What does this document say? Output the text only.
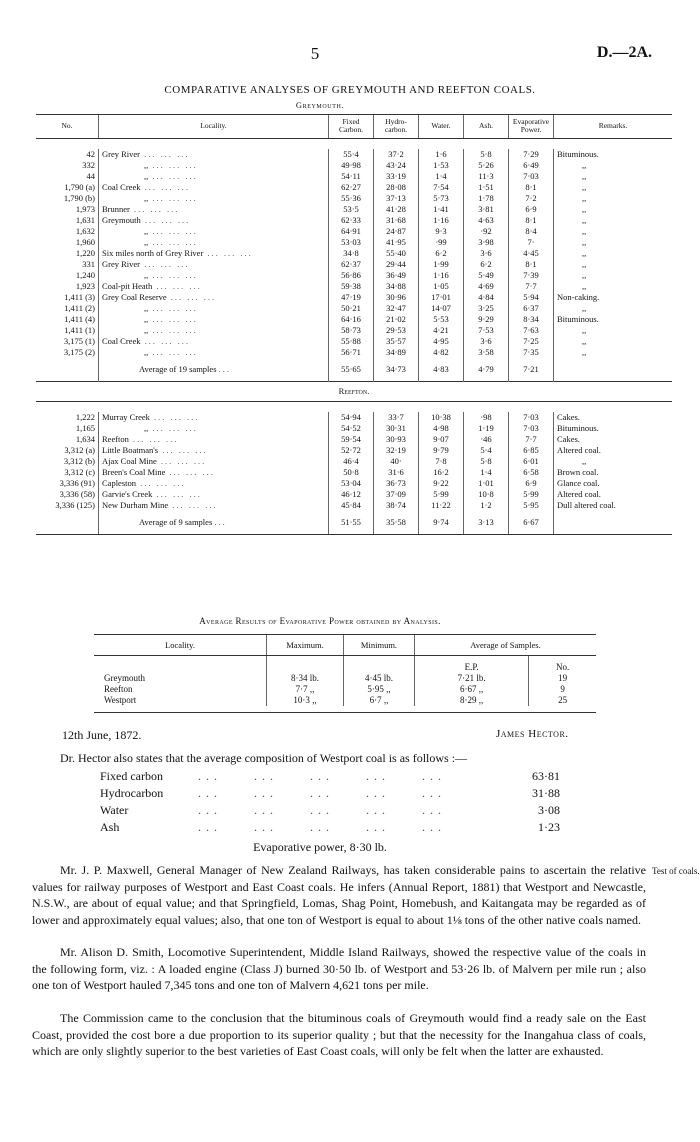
5	D.—2A.
COMPARATIVE ANALYSES OF GREYMOUTH AND REEFTON COALS.
Greymouth.
No.	Locality.	Fixed Carbon.	Hydro-carbon.	Water.	Ash.	Evaporative Power.	Remarks.

42	Grey River ... ... ...	55·4	37·2	1·6	5·8	7·29	Bituminous.
332	,, ... ... ...	49·98	43·24	1·53	5·26	6·49	,,
44	,, ... ... ...	54·11	33·19	1·4	11·3	7·03	,,
1,790 (a)	Coal Creek ... ... ...	62·27	28·08	7·54	1·51	8·1	,,
1,790 (b)	,, ... ... ...	55·36	37·13	5·73	1·78	7·2	,,
1,973	Brunner ... ... ...	53·5	41·28	1·41	3·81	6·9	,,
1,631	Greymouth ... ... ...	62·33	31·68	1·16	4·63	8·1	,,
1,632	,, ... ... ...	64·91	24·87	9·3	·92	8·4	,,
1,960	,, ... ... ...	53·03	41·95	·99	3·98	7·	,,
1,220	Six miles north of Grey River ... ... ...	34·8	55·40	6·2	3·6	4·45	,,
331	Grey River ... ... ...	62·37	29·44	1·99	6·2	8·1	,,
1,240	,, ... ... ...	56·86	36·49	1·16	5·49	7·39	,,
1,923	Coal-pit Heath ... ... ...	59·38	34·88	1·05	4·69	7·7	,,
1,411 (3)	Grey Coal Reserve ... ... ...	47·19	30·96	17·01	4·84	5·94	Non-caking.
1,411 (2)	,, ... ... ...	50·21	32·47	14·07	3·25	6·37	,,
1,411 (4)	,, ... ... ...	64·16	21·02	5·53	9·29	8·34	Bituminous.
1,411 (1)	,, ... ... ...	58·73	29·53	4·21	7·53	7·63	,,
3,175 (1)	Coal Creek ... ... ...	55·88	35·57	4·95	3·6	7·25	,,
3,175 (2)	,, ... ... ...	56·71	34·89	4·82	3·58	7·35	,,
	Average of 19 samples ...	55·65	34·73	4·83	4·79	7·21	
Reefton.							

1,222	Murray Creek ... ... ...	54·94	33·7	10·38	·98	7·03	Cakes.
1,165	,, ... ... ...	54·52	30·31	4·98	1·19	7·03	Bituminous.
1,634	Reefton ... ... ...	59·54	30·93	9·07	·46	7·7	Cakes.
3,312 (a)	Little Boatman's ... ... ...	52·72	32·19	9·79	5·4	6·85	Altered coal.
3,312 (b)	Ajax Coal Mine ... ... ...	46·4	40·	7·8	5·8	6·01	,,
3,312 (c)	Breen's Coal Mine ... ... ...	50·8	31·6	16·2	1·4	6·58	Brown coal.
3,336 (91)	Capleston ... ... ...	53·04	36·73	9·22	1·01	6·9	Glance coal.
3,336 (58)	Garvie's Creek ... ... ...	46·12	37·09	5·99	10·8	5·99	Altered coal.
3,336 (125)	New Durham Mine ... ... ...	45·84	38·74	11·22	1·2	5·95	Dull altered coal.
	Average of 9 samples ...	51·55	35·58	9·74	3·13	6·67	
Average Results of Evaporative Power obtained by Analysis.
Locality.	Maximum.	Minimum.	Average of Samples.	
			E.P.	No.
Greymouth	8·34 lb.	4·45 lb.	7·21 lb.	19
Reefton	7·7 ,,	5·95 ,,	6·67 ,,	9
Westport	10·3 ,,	6·7 ,,	8·29 ,,	25

12th June, 1872.	James Hector.
Dr. Hector also states that the average composition of Westport coal is as follows :—
Fixed carbon	...    ...    ...    ...    ...	63·81
Hydrocarbon	...    ...    ...    ...    ...	31·88
Water	...    ...    ...    ...    ...	3·08
Ash	...    ...    ...    ...    ...	1·23
Evaporative power, 8·30 lb.
Mr. J. P. Maxwell, General Manager of New Zealand Railways, has taken considerable pains to ascertain the relative values for railway purposes of Westport and East Coast coals. He infers (Annual Report, 1881) that Westport and Newcastle, N.S.W., are about of equal value; and that Springfield, Lomas, Shag Point, Homebush, and Kaitangata may be regarded as of lower and approximately equal values; also, that one ton of Westport is equal to about 1⅛ tons of the other native coals named.
Test of coals.
Mr. Alison D. Smith, Locomotive Superintendent, Middle Island Railways, showed the respective value of the coals in the following form, viz. : A loaded engine (Class J) burned 30·50 lb. of Westport and 53·26 lb. of Malvern per mile run ; also one ton of Westport hauled 7,345 tons and one ton of Malvern 4,621 tons per mile.
The Commission came to the conclusion that the bituminous coals of Greymouth would find a ready sale on the East Coast, provided the cost bore a due proportion to its superior quality ; but that the necessity for the Inangahua class of coals, which are only slightly superior to the best varieties of East Coast coals, will only be felt when the latter are exhausted.
